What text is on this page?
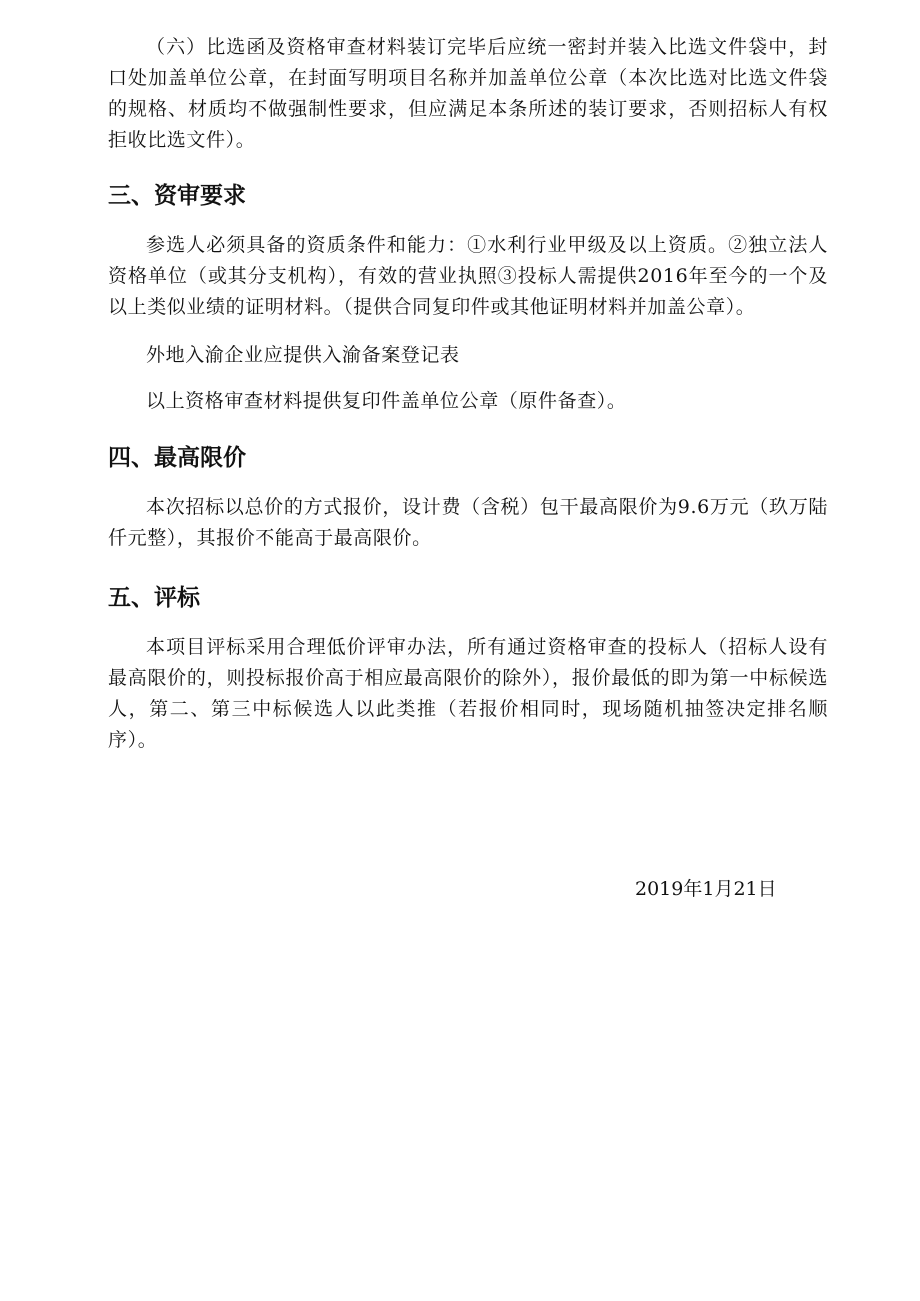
（六）比选函及资格审查材料装订完毕后应统一密封并装入比选文件袋中，封口处加盖单位公章，在封面写明项目名称并加盖单位公章（本次比选对比选文件袋的规格、材质均不做强制性要求，但应满足本条所述的装订要求，否则招标人有权拒收比选文件）。

三、资审要求

参选人必须具备的资质条件和能力：①水利行业甲级及以上资质。②独立法人资格单位（或其分支机构），有效的营业执照③投标人需提供2016年至今的一个及以上类似业绩的证明材料。（提供合同复印件或其他证明材料并加盖公章）。

外地入渝企业应提供入渝备案登记表

以上资格审查材料提供复印件盖单位公章（原件备查）。

四、最高限价

本次招标以总价的方式报价，设计费（含税）包干最高限价为9.6万元（玖万陆仟元整），其报价不能高于最高限价。

五、评标

本项目评标采用合理低价评审办法，所有通过资格审查的投标人（招标人设有最高限价的，则投标报价高于相应最高限价的除外），报价最低的即为第一中标候选人，第二、第三中标候选人以此类推（若报价相同时，现场随机抽签决定排名顺序）。

2019年1月21日
